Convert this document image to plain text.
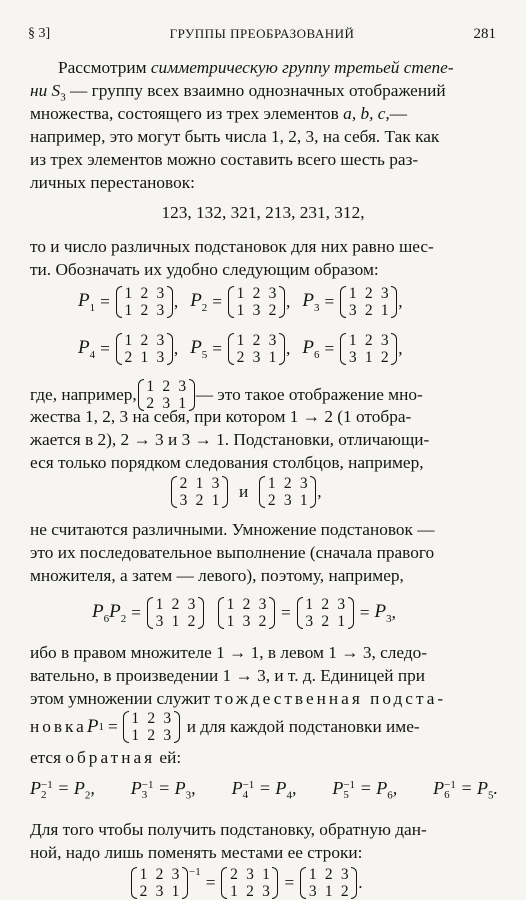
§ 3]	ГРУППЫ ПРЕОБРАЗОВАНИЙ	281
Рассмотрим симметрическую группу третьей степе-

ни $S_3$ — группу всех взаимно однозначных отображений
множества, состоящего из трех элементов a, b, c,—
например, это могут быть числа 1, 2, 3, на себя. Так как
из трех элементов можно составить всего шесть раз-
личных перестановок:
123, 132, 321, 213, 231, 312,
то и число различных подстановок для них равно шес-
ти. Обозначать их удобно следующим образом:
$P_1 = 1$ 2 3
1 2 3 , $P_2 = 1$ 2 3
1 3 2 , $P_3 = 1$ 2 3
3 2 1 ,
$P_4 = 1$ 2 3
2 1 3 , $P_5 = 1$ 2 3
2 3 1 , $P_6 = 1$ 2 3
3 1 2 ,
где, например, 1 2 3
2 3 1 — это такое отображение мно-
жества 1, 2, 3 на себя, при котором 1 → 2 (1 отобра-
жается в 2), 2 → 3 и 3 → 1. Подстановки, отличающи-
еся только порядком следования столбцов, например,
2 1 3
3 2 1 и 1 2 3
2 3 1 ,
не считаются различными. Умножение подстановок —
это их последовательное выполнение (сначала правого
множителя, а затем — левого), поэтому, например,
$P_6P_2 = 1$ 2 3
3 1 2
1 2 3
1 3 2 = 1 2 3
3 2 $1 = P_3$ ,
ибо в правом множителе 1 → 1, в левом 1 → 3, следо-
вательно, в произведении 1 → 3, и т. д. Единицей при
этом умножении служит тождественная подста-
новка P 1 = 1 2 3
1 2 3 и для каждой подстановки име-
ется обратная ей:
P −1
$2 = P_2$, P −1
$3 = P_3$, P −1
$4 = P_4$, P −1
$5 = P_6$, P −1
$6 = P_5$.
Для того чтобы получить подстановку, обратную дан-
ной, надо лишь поменять местами ее строки:
1 2 3
2 3 1
$^{-1}$
= 2 3 1
1 2 3 = 1 2 3
3 1 2 .
